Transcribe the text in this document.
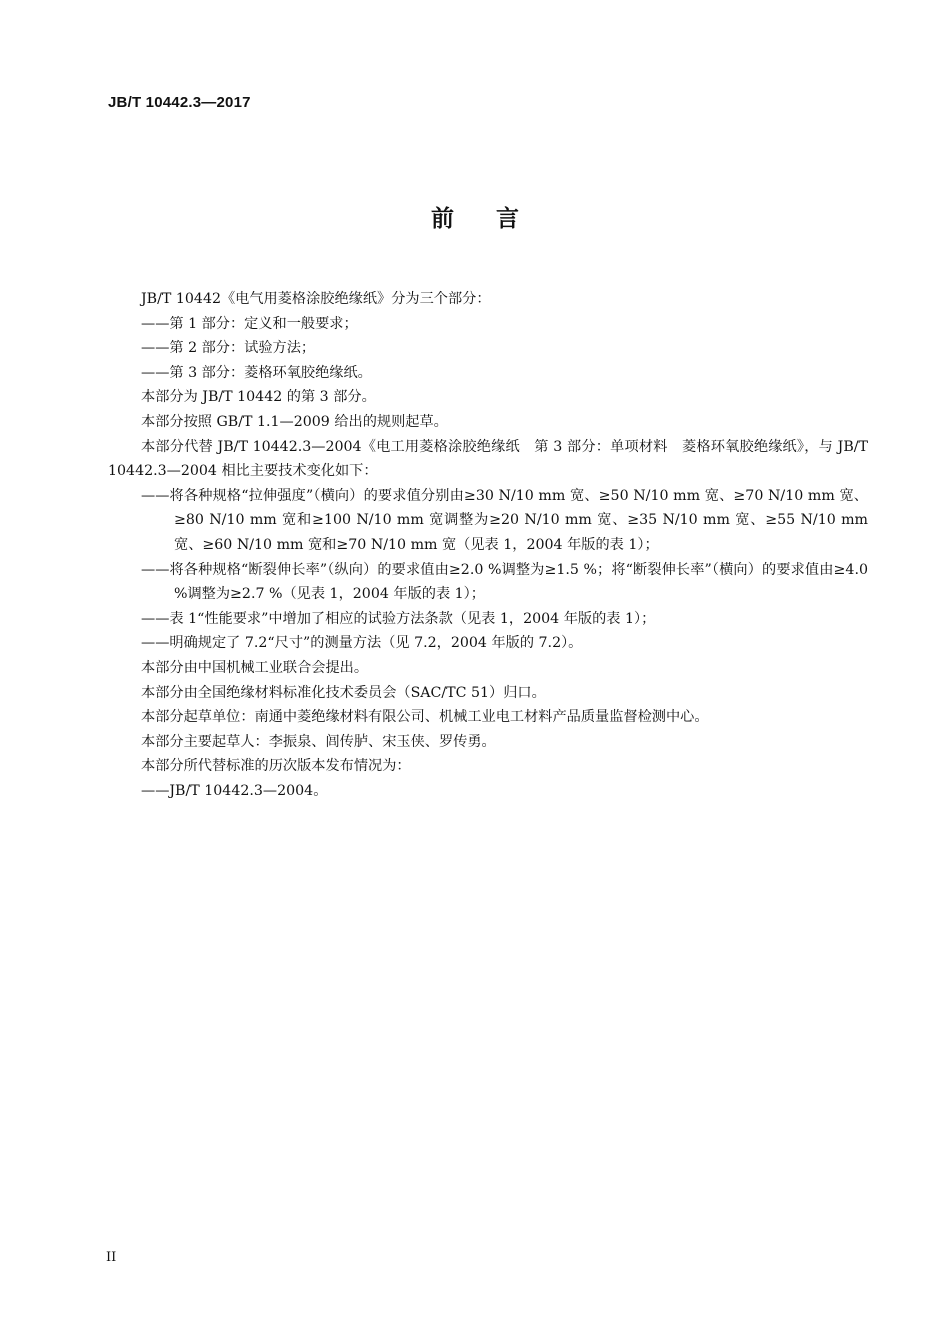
JB/T 10442.3—2017
前言
JB/T 10442《电气用菱格涂胶绝缘纸》分为三个部分：
——第 1 部分：定义和一般要求；
——第 2 部分：试验方法；
——第 3 部分：菱格环氧胶绝缘纸。
本部分为 JB/T 10442 的第 3 部分。
本部分按照 GB/T 1.1—2009 给出的规则起草。
本部分代替 JB/T 10442.3—2004《电工用菱格涂胶绝缘纸　第 3 部分：单项材料　菱格环氧胶绝缘纸》，与 JB/T 10442.3—2004 相比主要技术变化如下：
——将各种规格“拉伸强度”（横向）的要求值分别由≥30 N/10 mm 宽、≥50 N/10 mm 宽、≥70 N/10 mm 宽、≥80 N/10 mm 宽和≥100 N/10 mm 宽调整为≥20 N/10 mm 宽、≥35 N/10 mm 宽、≥55 N/10 mm 宽、≥60 N/10 mm 宽和≥70 N/10 mm 宽（见表 1，2004 年版的表 1）；
——将各种规格“断裂伸长率”（纵向）的要求值由≥2.0 %调整为≥1.5 %；将“断裂伸长率”（横向）的要求值由≥4.0 %调整为≥2.7 %（见表 1，2004 年版的表 1）；
——表 1“性能要求”中增加了相应的试验方法条款（见表 1，2004 年版的表 1）；
——明确规定了 7.2“尺寸”的测量方法（见 7.2，2004 年版的 7.2）。
本部分由中国机械工业联合会提出。
本部分由全国绝缘材料标准化技术委员会（SAC/TC 51）归口。
本部分起草单位：南通中菱绝缘材料有限公司、机械工业电工材料产品质量监督检测中心。
本部分主要起草人：李振泉、闾传胪、宋玉侠、罗传勇。
本部分所代替标准的历次版本发布情况为：
——JB/T 10442.3—2004。
II
